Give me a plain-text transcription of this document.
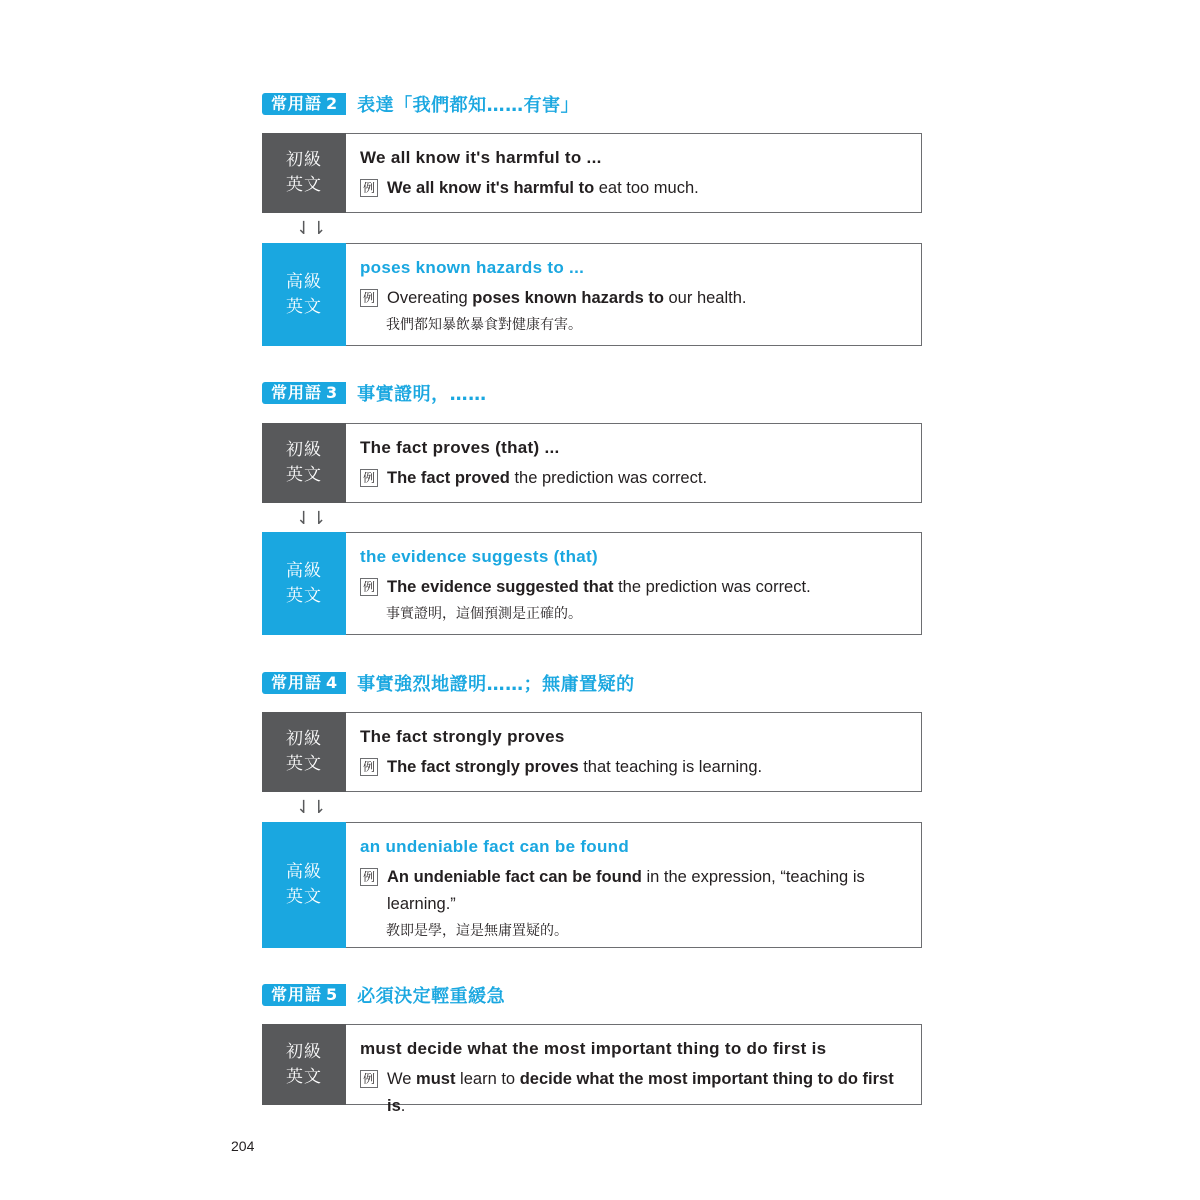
常用語 2	表達「我們都知……有害」
初級
英文
We all know it's harmful to ...
例 We all know it's harmful to eat too much.
⇃⇂
高級
英文
poses known hazards to ...
例 Overeating poses known hazards to our health.
我們都知暴飲暴食對健康有害。
常用語 3	事實證明，……
初級
英文
The fact proves (that) ...
例 The fact proved the prediction was correct.
⇃⇂
高級
英文
the evidence suggests (that)
例 The evidence suggested that the prediction was correct.
事實證明，這個預測是正確的。
常用語 4	事實強烈地證明……；無庸置疑的
初級
英文
The fact strongly proves
例 The fact strongly proves that teaching is learning.
⇃⇂
高級
英文
an undeniable fact can be found
例 An undeniable fact can be found in the expression, “teaching is learning.”
教即是學，這是無庸置疑的。
常用語 5	必須決定輕重緩急
初級
英文
must decide what the most important thing to do first is
例 We must learn to decide what the most important thing to do first is.
204
